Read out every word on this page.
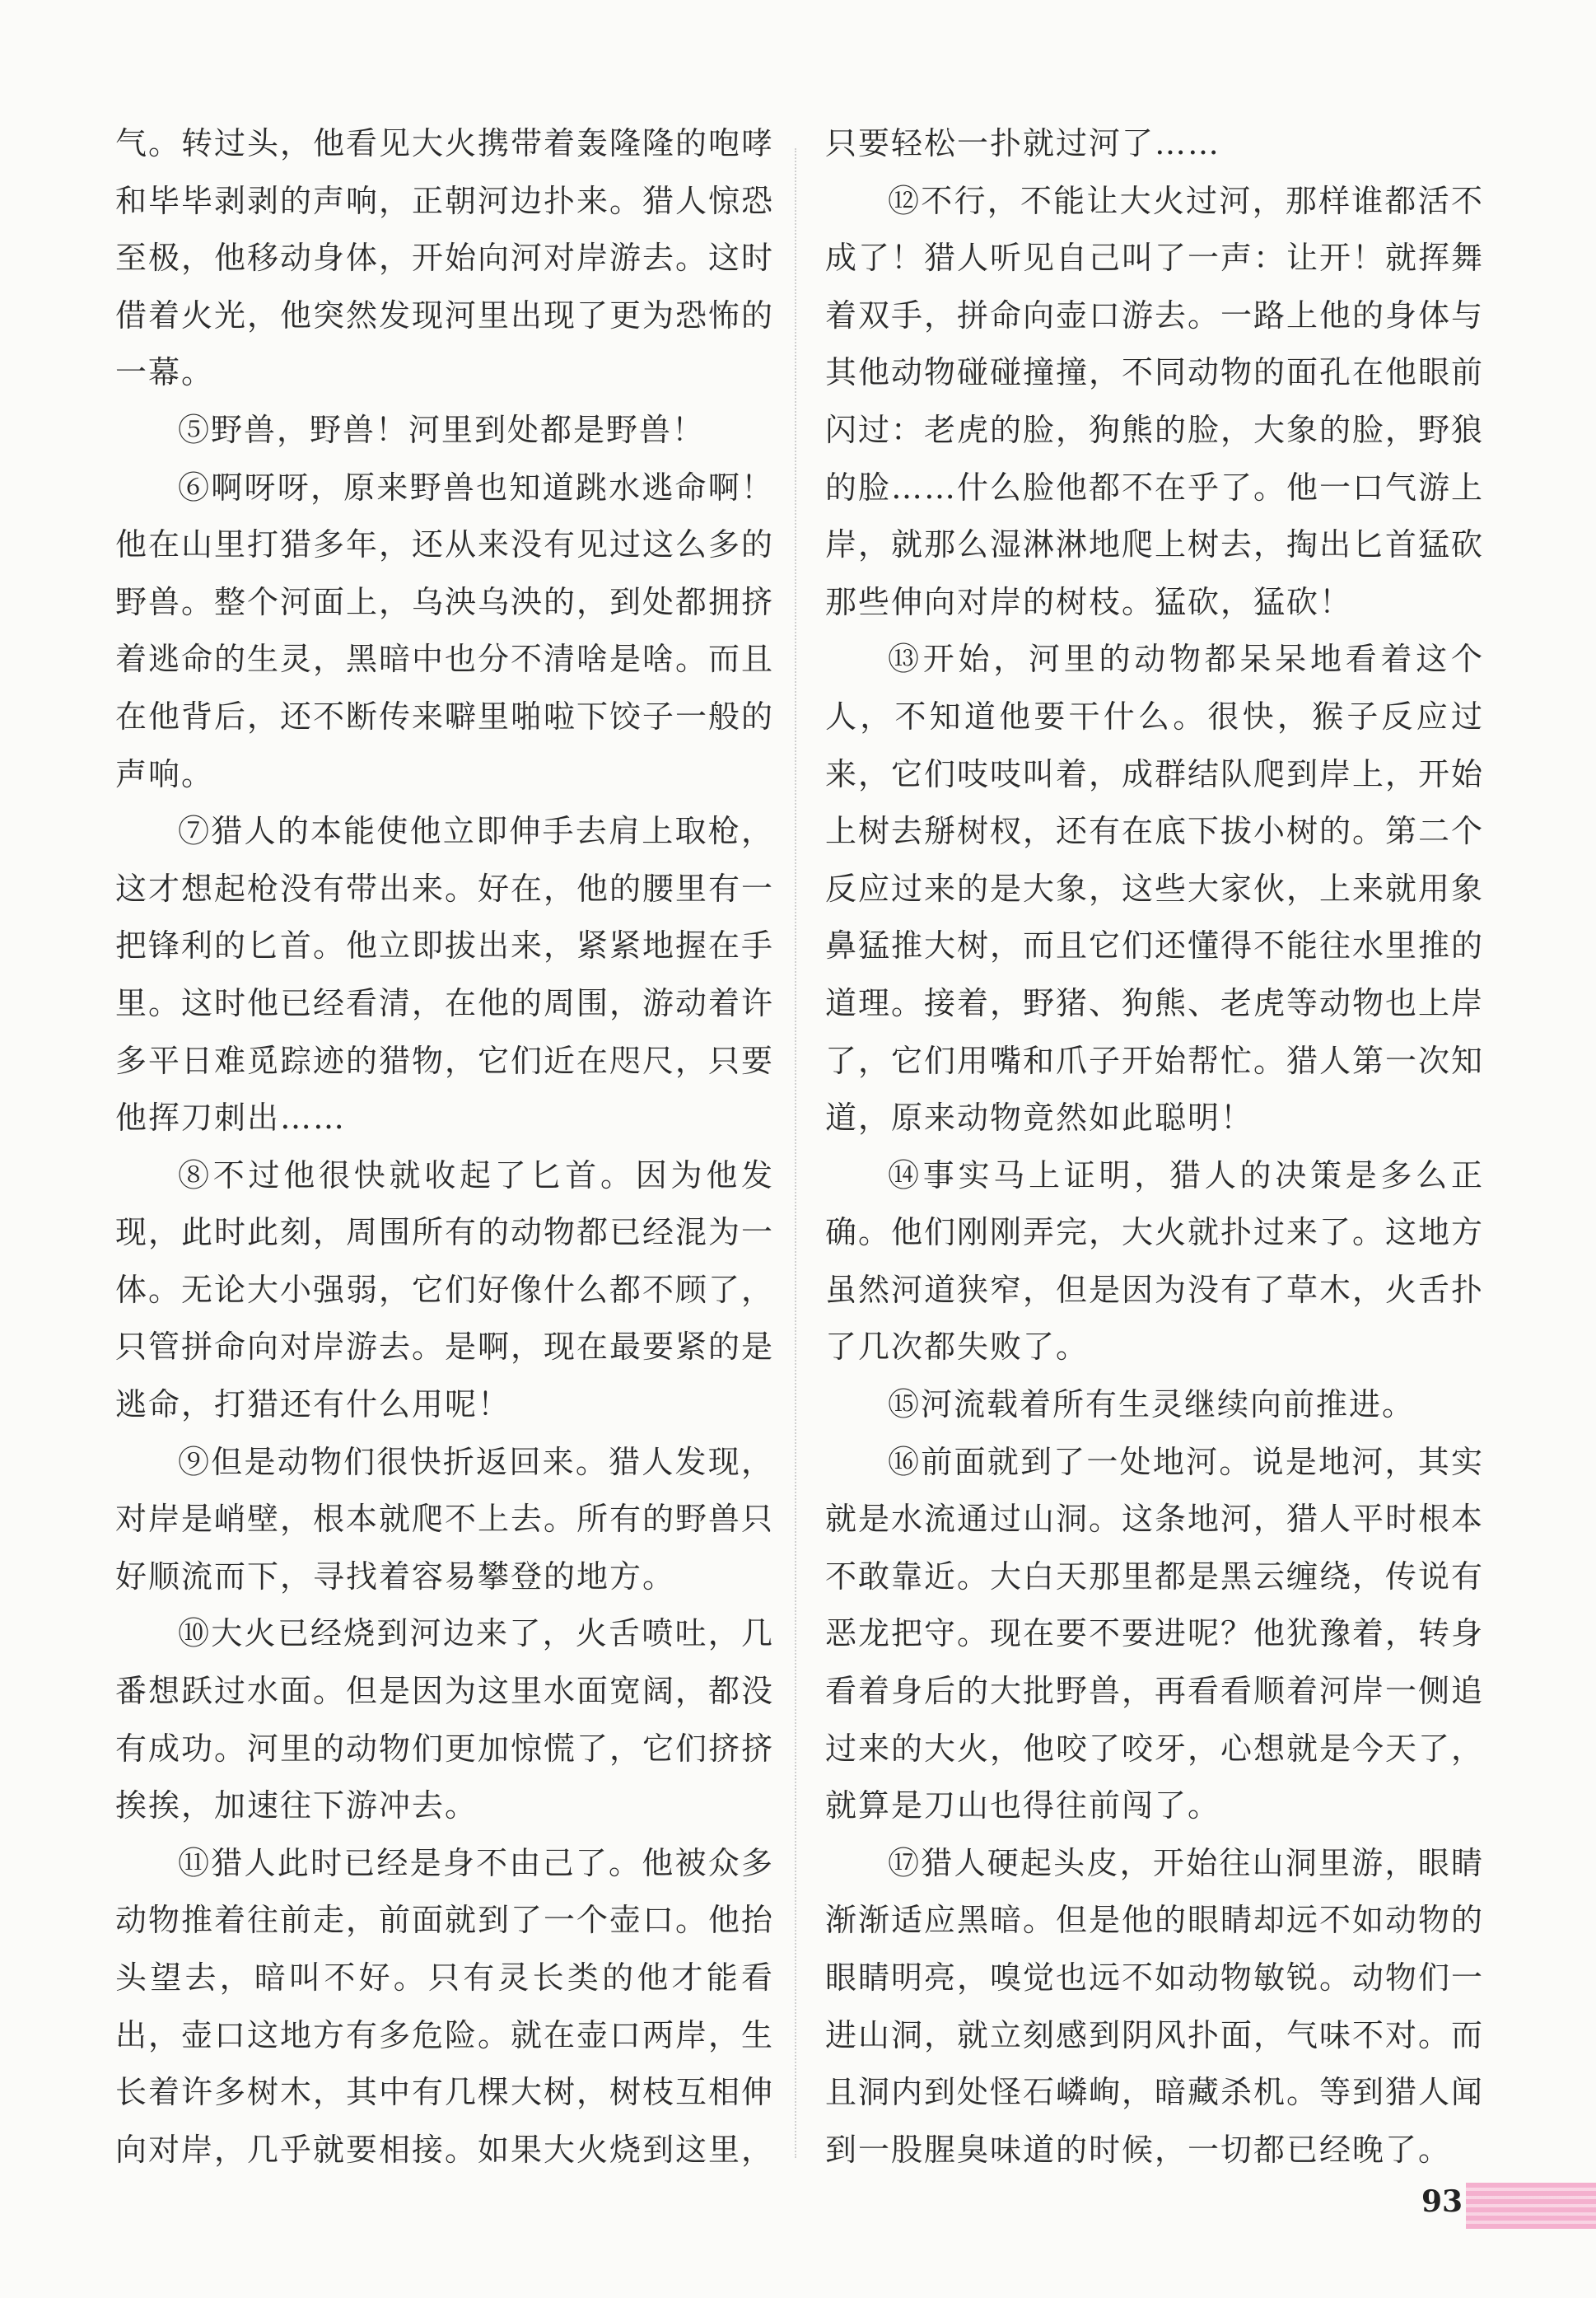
气。转过头，他看见大火携带着轰隆隆的咆哮和毕毕剥剥的声响，正朝河边扑来。猎人惊恐至极，他移动身体，开始向河对岸游去。这时借着火光，他突然发现河里出现了更为恐怖的一幕。

⑤野兽，野兽！河里到处都是野兽！

⑥啊呀呀，原来野兽也知道跳水逃命啊！他在山里打猎多年，还从来没有见过这么多的野兽。整个河面上，乌泱乌泱的，到处都拥挤着逃命的生灵，黑暗中也分不清啥是啥。而且在他背后，还不断传来噼里啪啦下饺子一般的声响。

⑦猎人的本能使他立即伸手去肩上取枪，这才想起枪没有带出来。好在，他的腰里有一把锋利的匕首。他立即拔出来，紧紧地握在手里。这时他已经看清，在他的周围，游动着许多平日难觅踪迹的猎物，它们近在咫尺，只要他挥刀刺出……

⑧不过他很快就收起了匕首。因为他发现，此时此刻，周围所有的动物都已经混为一体。无论大小强弱，它们好像什么都不顾了，只管拼命向对岸游去。是啊，现在最要紧的是逃命，打猎还有什么用呢！

⑨但是动物们很快折返回来。猎人发现，对岸是峭壁，根本就爬不上去。所有的野兽只好顺流而下，寻找着容易攀登的地方。

⑩大火已经烧到河边来了，火舌喷吐，几番想跃过水面。但是因为这里水面宽阔，都没有成功。河里的动物们更加惊慌了，它们挤挤挨挨，加速往下游冲去。

⑪猎人此时已经是身不由己了。他被众多动物推着往前走，前面就到了一个壶口。他抬头望去，暗叫不好。只有灵长类的他才能看出，壶口这地方有多危险。就在壶口两岸，生长着许多树木，其中有几棵大树，树枝互相伸向对岸，几乎就要相接。如果大火烧到这里，

只要轻松一扑就过河了……

⑫不行，不能让大火过河，那样谁都活不成了！猎人听见自己叫了一声：让开！就挥舞着双手，拼命向壶口游去。一路上他的身体与其他动物碰碰撞撞，不同动物的面孔在他眼前闪过：老虎的脸，狗熊的脸，大象的脸，野狼的脸……什么脸他都不在乎了。他一口气游上岸，就那么湿淋淋地爬上树去，掏出匕首猛砍那些伸向对岸的树枝。猛砍，猛砍！

⑬开始，河里的动物都呆呆地看着这个人，不知道他要干什么。很快，猴子反应过来，它们吱吱叫着，成群结队爬到岸上，开始上树去掰树杈，还有在底下拔小树的。第二个反应过来的是大象，这些大家伙，上来就用象鼻猛推大树，而且它们还懂得不能往水里推的道理。接着，野猪、狗熊、老虎等动物也上岸了，它们用嘴和爪子开始帮忙。猎人第一次知道，原来动物竟然如此聪明！

⑭事实马上证明，猎人的决策是多么正确。他们刚刚弄完，大火就扑过来了。这地方虽然河道狭窄，但是因为没有了草木，火舌扑了几次都失败了。

⑮河流载着所有生灵继续向前推进。

⑯前面就到了一处地河。说是地河，其实就是水流通过山洞。这条地河，猎人平时根本不敢靠近。大白天那里都是黑云缠绕，传说有恶龙把守。现在要不要进呢？他犹豫着，转身看着身后的大批野兽，再看看顺着河岸一侧追过来的大火，他咬了咬牙，心想就是今天了，就算是刀山也得往前闯了。

⑰猎人硬起头皮，开始往山洞里游，眼睛渐渐适应黑暗。但是他的眼睛却远不如动物的眼睛明亮，嗅觉也远不如动物敏锐。动物们一进山洞，就立刻感到阴风扑面，气味不对。而且洞内到处怪石嶙峋，暗藏杀机。等到猎人闻到一股腥臭味道的时候，一切都已经晚了。

93
